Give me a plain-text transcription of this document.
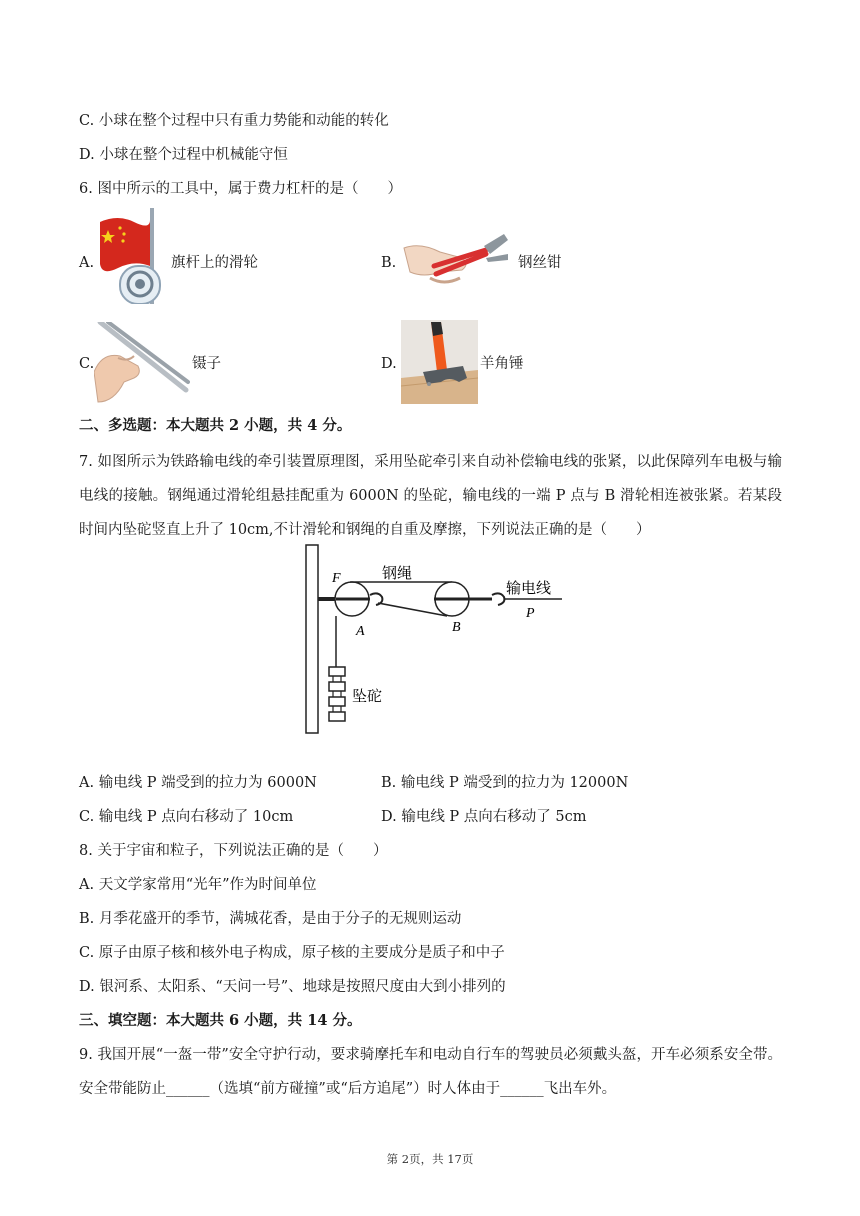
C. 小球在整个过程中只有重力势能和动能的转化
D. 小球在整个过程中机械能守恒
6. 图中所示的工具中，属于费力杠杆的是（　　）
A.	旗杆上的滑轮	B.	钢丝钳
C.	镊子	D.	羊角锤
二、多选题：本大题共 2 小题，共 4 分。
7. 如图所示为铁路输电线的牵引装置原理图，采用坠砣牵引来自动补偿输电线的张紧，以此保障列车电极与输电线的接触。钢绳通过滑轮组悬挂配重为 6000N 的坠砣，输电线的一端 P 点与 B 滑轮相连被张紧。若某段时间内坠砣竖直上升了 10cm,不计滑轮和钢绳的自重及摩擦，下列说法正确的是（　　）
F	钢绳
输电线
A	B
P
坠砣
A. 输电线 P 端受到的拉力为 6000N	B. 输电线 P 端受到的拉力为 12000N
C. 输电线 P 点向右移动了 10cm	D. 输电线 P 点向右移动了 5cm
8. 关于宇宙和粒子，下列说法正确的是（　　）
A. 天文学家常用“光年”作为时间单位
B. 月季花盛开的季节，满城花香，是由于分子的无规则运动
C. 原子由原子核和核外电子构成，原子核的主要成分是质子和中子
D. 银河系、太阳系、“天问一号”、地球是按照尺度由大到小排列的
三、填空题：本大题共 6 小题，共 14 分。
9. 我国开展“一盔一带”安全守护行动，要求骑摩托车和电动自行车的驾驶员必须戴头盔，开车必须系安全带。安全带能防止______（选填“前方碰撞”或“后方追尾”）时人体由于______飞出车外。
第 2页，共 17页
